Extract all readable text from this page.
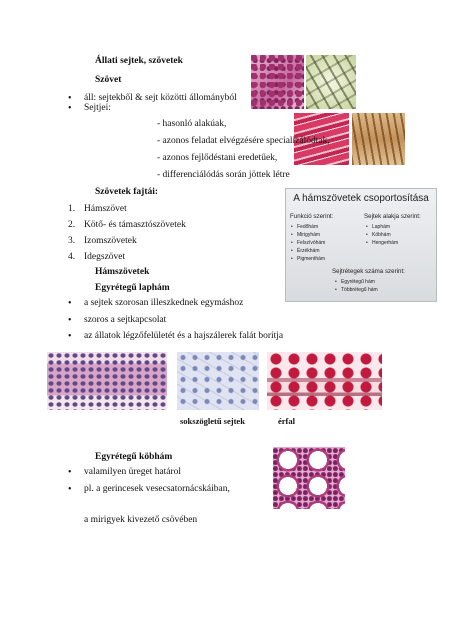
Állati sejtek, szövetek
Szövet
• áll: sejtekből & sejt közötti állományból
• Sejtjei:
- hasonló alakúak,
- azonos feladat elvégzésére specializálódtak,
- azonos fejlődéstani eredetűek,
- differenciálódás során jöttek létre
Szövetek fajtái:
1. Hámszövet
2. Kötő- és támasztószövetek
3. Izomszövetek
4. Idegszövet
Hámszövetek
Egyrétegű laphám
• a sejtek szorosan illeszkednek egymáshoz
• szoros a sejtkapcsolat
• az állatok légzőfelületét és a hajszálerek falát borítja
A hámszövetek csoportosítása
Funkció szerint:
• Fedőhám
• Mirigyhám
• Felszívóhám
• Érzékhám
• Pigmenthám
Sejtek alakja szerint:
• Laphám
• Köbhám
• Hengerhám
Sejtrétegek száma szerint:
• Egyrétegű hám
• Többrétegű hám
sokszögletű sejtek	érfal
Egyrétegű köbhám
• valamilyen üreget határol
• pl. a gerincesek vesecsatornácskáiban,
a mirigyek kivezető csövében
